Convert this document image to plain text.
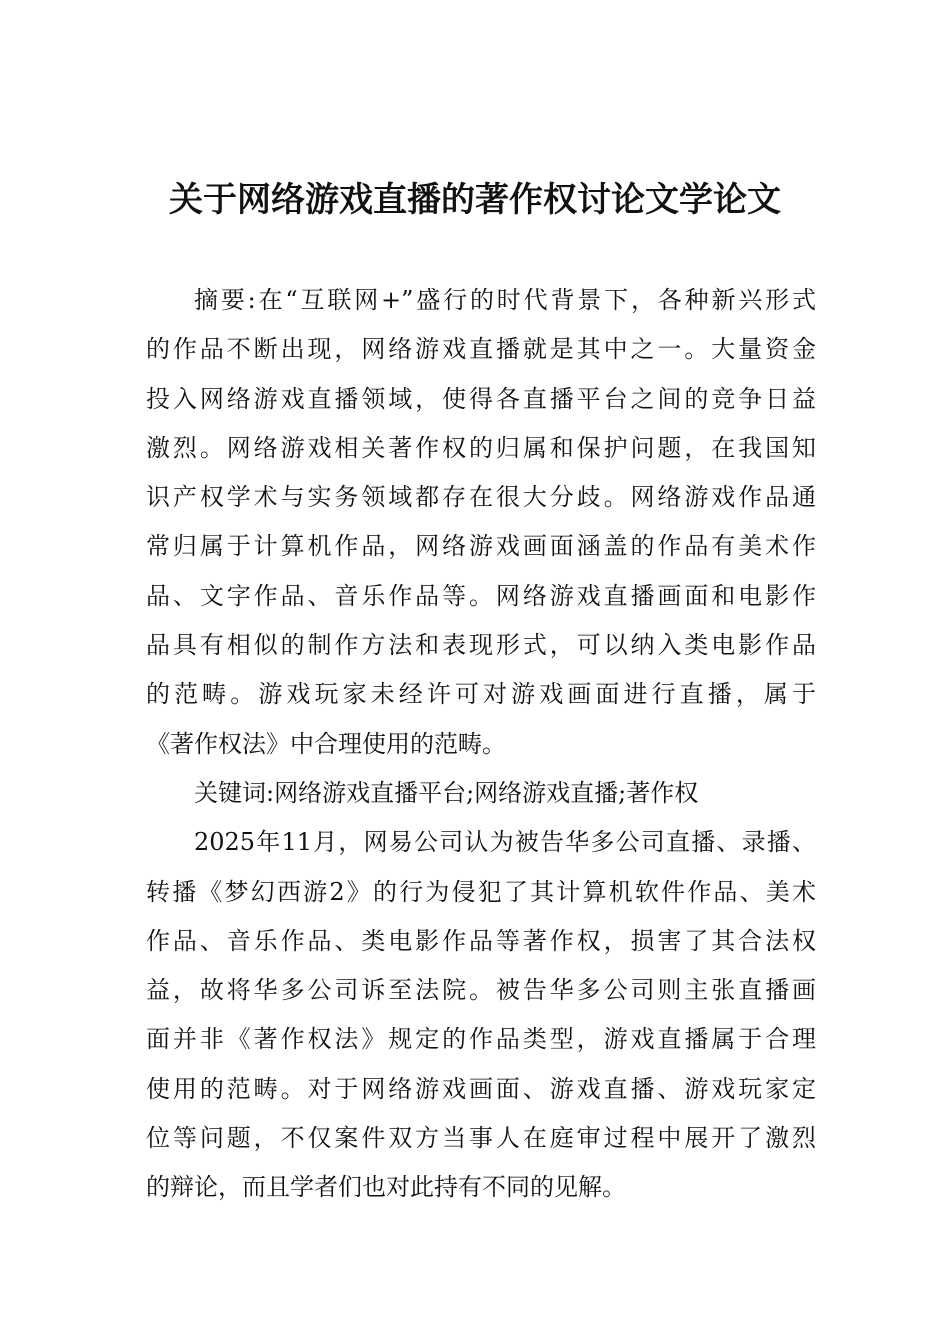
关于网络游戏直播的著作权讨论文学论文
摘要:在“互联网+”盛行的时代背景下，各种新兴形式
的作品不断出现，网络游戏直播就是其中之一。大量资金
投入网络游戏直播领域，使得各直播平台之间的竞争日益
激烈。网络游戏相关著作权的归属和保护问题，在我国知
识产权学术与实务领域都存在很大分歧。网络游戏作品通
常归属于计算机作品，网络游戏画面涵盖的作品有美术作
品、文字作品、音乐作品等。网络游戏直播画面和电影作
品具有相似的制作方法和表现形式，可以纳入类电影作品
的范畴。游戏玩家未经许可对游戏画面进行直播，属于
《著作权法》中合理使用的范畴。
关键词:网络游戏直播平台;网络游戏直播;著作权
2025年11月，网易公司认为被告华多公司直播、录播、
转播《梦幻西游2》的行为侵犯了其计算机软件作品、美术
作品、音乐作品、类电影作品等著作权，损害了其合法权
益，故将华多公司诉至法院。被告华多公司则主张直播画
面并非《著作权法》规定的作品类型，游戏直播属于合理
使用的范畴。对于网络游戏画面、游戏直播、游戏玩家定
位等问题，不仅案件双方当事人在庭审过程中展开了激烈
的辩论，而且学者们也对此持有不同的见解。
